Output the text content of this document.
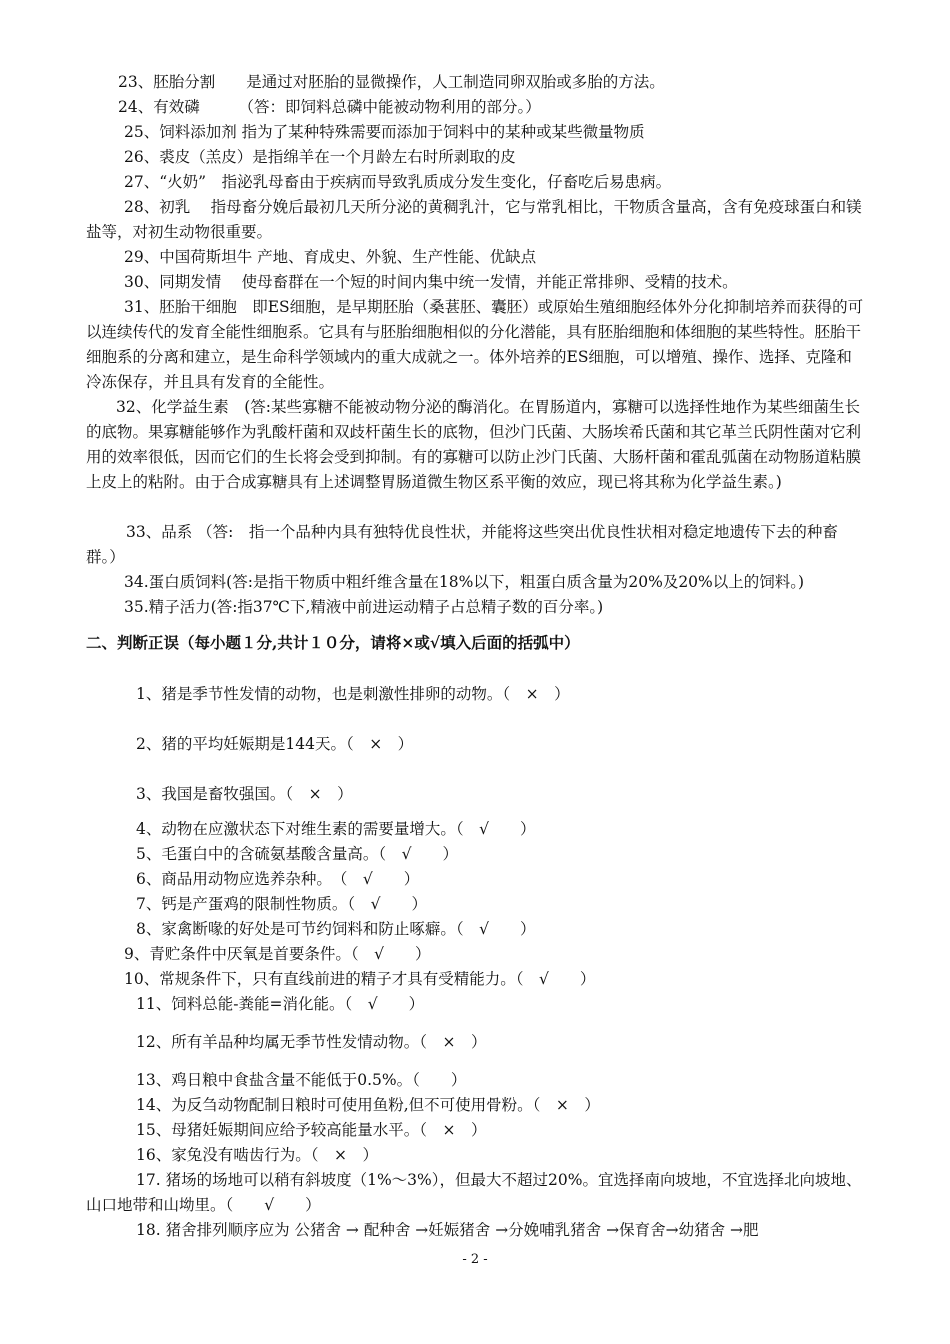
23、胚胎分割　　是通过对胚胎的显微操作，人工制造同卵双胎或多胎的方法。
24、有效磷　　　（答：即饲料总磷中能被动物利用的部分。）
25、饲料添加剂 指为了某种特殊需要而添加于饲料中的某种或某些微量物质
26、裘皮（羔皮）是指绵羊在一个月龄左右时所剥取的皮
27、“火奶”　指泌乳母畜由于疾病而导致乳质成分发生变化，仔畜吃后易患病。
28、初乳　 指母畜分娩后最初几天所分泌的黄稠乳汁，它与常乳相比，干物质含量高，含有免疫球蛋白和镁盐等，对初生动物很重要。
29、中国荷斯坦牛 产地、育成史、外貌、生产性能、优缺点
30、同期发情　 使母畜群在一个短的时间内集中统一发情，并能正常排卵、受精的技术。
31、胚胎干细胞　即ES细胞，是早期胚胎（桑葚胚、囊胚）或原始生殖细胞经体外分化抑制培养而获得的可以连续传代的发育全能性细胞系。它具有与胚胎细胞相似的分化潜能，具有胚胎细胞和体细胞的某些特性。胚胎干细胞系的分离和建立，是生命科学领域内的重大成就之一。体外培养的ES细胞，可以增殖、操作、选择、克隆和冷冻保存，并且具有发育的全能性。
32、化学益生素　(答:某些寡糖不能被动物分泌的酶消化。在胃肠道内，寡糖可以选择性地作为某些细菌生长的底物。果寡糖能够作为乳酸杆菌和双歧杆菌生长的底物，但沙门氏菌、大肠埃希氏菌和其它革兰氏阴性菌对它利用的效率很低，因而它们的生长将会受到抑制。有的寡糖可以防止沙门氏菌、大肠杆菌和霍乱弧菌在动物肠道粘膜上皮上的粘附。由于合成寡糖具有上述调整胃肠道微生物区系平衡的效应，现已将其称为化学益生素。)
33、品系 （答:　指一个品种内具有独特优良性状，并能将这些突出优良性状相对稳定地遗传下去的种畜群。）
34.蛋白质饲料(答:是指干物质中粗纤维含量在18%以下，粗蛋白质含量为20%及20%以上的饲料。)
35.精子活力(答:指37℃下,精液中前进运动精子占总精子数的百分率。)
二、判断正误（每小题１分,共计１０分，请将×或√填入后面的括弧中）
1、猪是季节性发情的动物，也是刺激性排卵的动物。（　×　）
2、猪的平均妊娠期是144天。（　×　）
3、我国是畜牧强国。（　×　）
4、动物在应激状态下对维生素的需要量增大。（　√　　）
5、毛蛋白中的含硫氨基酸含量高。（　√　　）
6、商品用动物应选养杂种。　（　√　　）
7、钙是产蛋鸡的限制性物质。（　√　　）
8、家禽断喙的好处是可节约饲料和防止啄癖。（　√　　）
9、青贮条件中厌氧是首要条件。（　√　　）
10、常规条件下，只有直线前进的精子才具有受精能力。（　√　　）
11、饲料总能-粪能=消化能。（　√　　）
12、所有羊品种均属无季节性发情动物。（　×　）
13、鸡日粮中食盐含量不能低于0.5%。（　　）
14、为反刍动物配制日粮时可使用鱼粉,但不可使用骨粉。（　×　）
15、母猪妊娠期间应给予较高能量水平。（　×　）
16、家兔没有啮齿行为。（　×　）
17. 猪场的场地可以稍有斜坡度（1%～3%），但最大不超过20%。宜选择南向坡地，不宜选择北向坡地、山口地带和山坳里。（　　√　　）
18. 猪舍排列顺序应为 公猪舍 → 配种舍 →妊娠猪舍 →分娩哺乳猪舍 →保育舍→幼猪舍 →肥
- 2 -
